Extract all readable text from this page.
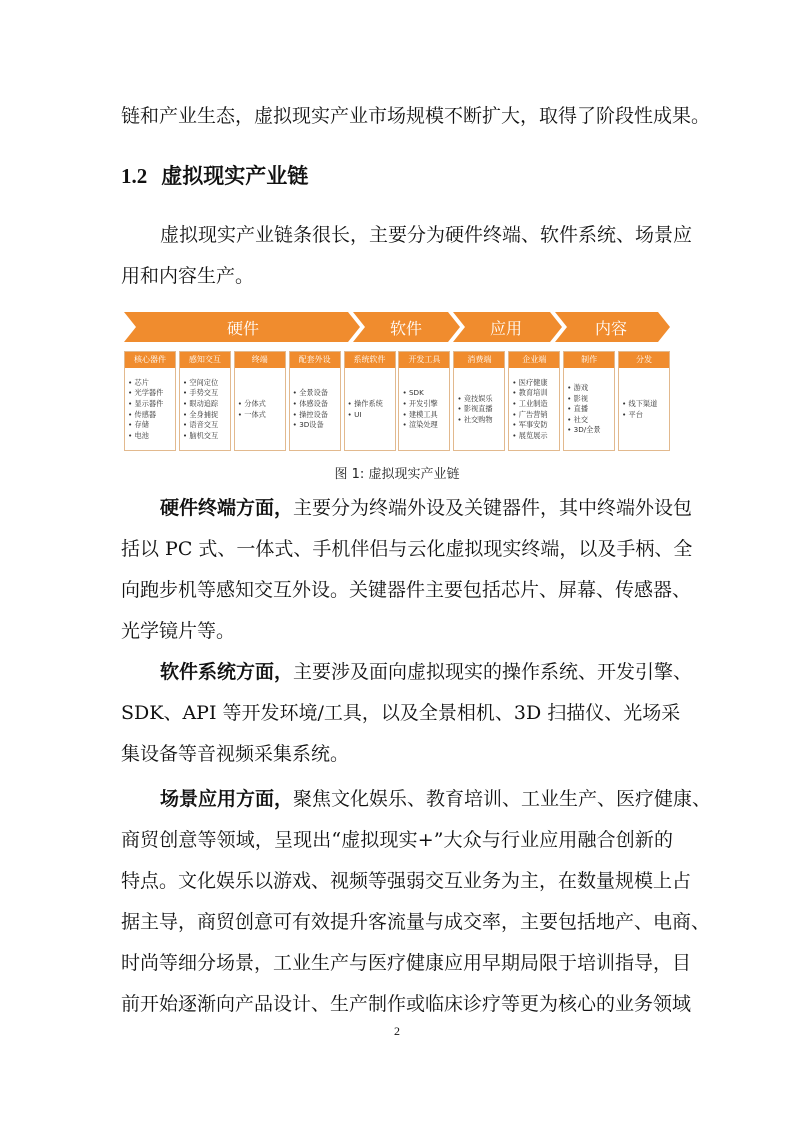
链和产业生态，虚拟现实产业市场规模不断扩大，取得了阶段性成果。
1.2 虚拟现实产业链
虚拟现实产业链条很长，主要分为硬件终端、软件系统、场景应
用和内容生产。
硬件	软件	应用	内容
核心器件
• 芯片
• 光学器件
• 显示器件
• 传感器
• 存储
• 电池
感知交互
• 空间定位
• 手势交互
• 眼动追踪
• 全身捕捉
• 语音交互
• 脑机交互
终端
• 分体式
• 一体式
配套外设
• 全景设备
• 体感设备
• 操控设备
• 3D设备
系统软件
• 操作系统
• UI
开发工具
• SDK
• 开发引擎
• 建模工具
• 渲染处理
消费端
• 竞技娱乐
• 影视直播
• 社交购物
企业端
• 医疗健康
• 教育培训
• 工业制造
• 广告营销
• 军事安防
• 展览展示
制作
• 游戏
• 影视
• 直播
• 社交
• 3D/全景
分发
• 线下渠道
• 平台
图 1: 虚拟现实产业链
硬件终端方面，主要分为终端外设及关键器件，其中终端外设包
括以 PC 式、一体式、手机伴侣与云化虚拟现实终端，以及手柄、全
向跑步机等感知交互外设。关键器件主要包括芯片、屏幕、传感器、
光学镜片等。
软件系统方面，主要涉及面向虚拟现实的操作系统、开发引擎、
SDK、API 等开发环境/工具，以及全景相机、3D 扫描仪、光场采
集设备等音视频采集系统。
场景应用方面，聚焦文化娱乐、教育培训、工业生产、医疗健康、
商贸创意等领域，呈现出“虚拟现实+”大众与行业应用融合创新的
特点。文化娱乐以游戏、视频等强弱交互业务为主，在数量规模上占
据主导，商贸创意可有效提升客流量与成交率，主要包括地产、电商、
时尚等细分场景，工业生产与医疗健康应用早期局限于培训指导，目
前开始逐渐向产品设计、生产制作或临床诊疗等更为核心的业务领域
2
